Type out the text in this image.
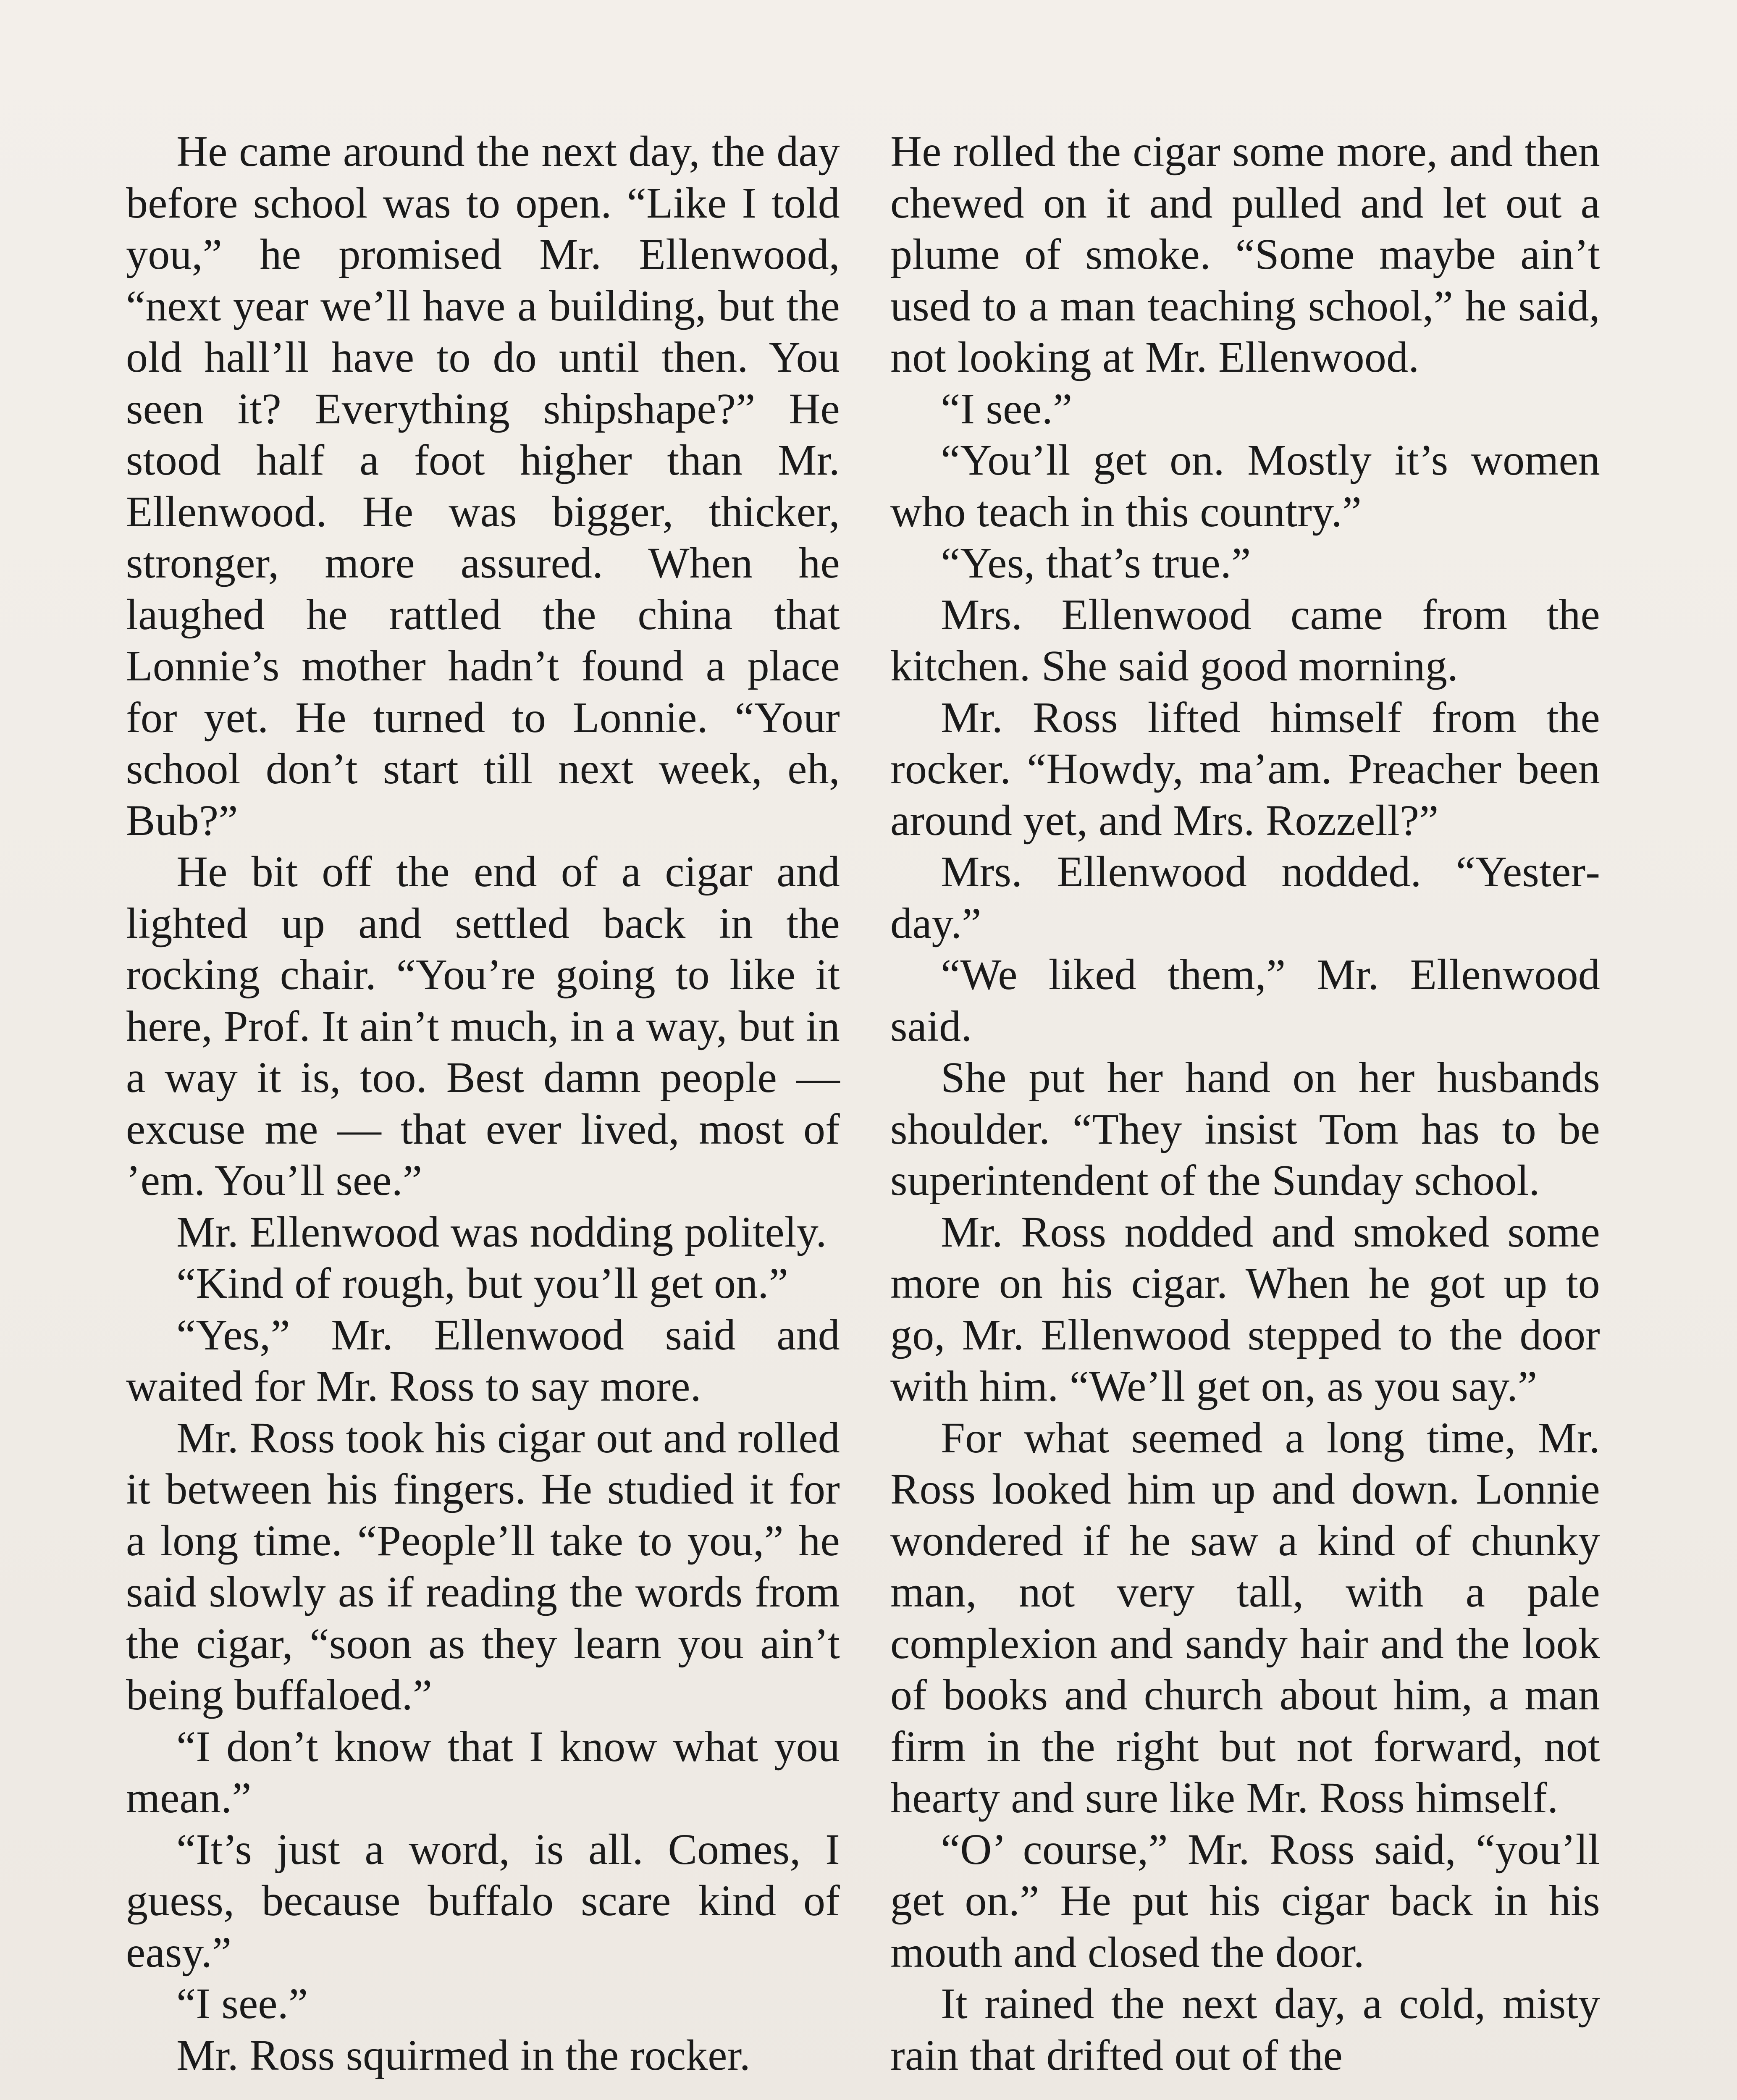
He came around the next day, the day before school was to open. “Like I told you,” he promised Mr. Ellenwood, “next year we’ll have a building, but the old hall’ll have to do until then. You seen it? Everything shipshape?” He stood half a foot higher than Mr. Ellenwood. He was bigger, thicker, stronger, more assured. When he laughed he rattled the china that Lonnie’s mother hadn’t found a place for yet. He turned to Lonnie. “Your school don’t start till next week, eh, Bub?”

He bit off the end of a cigar and lighted up and settled back in the rocking chair. “You’re going to like it here, Prof. It ain’t much, in a way, but in a way it is, too. Best damn people — excuse me — that ever lived, most of ’em. You’ll see.”

Mr. Ellenwood was nodding politely.

“Kind of rough, but you’ll get on.”

“Yes,” Mr. Ellenwood said and waited for Mr. Ross to say more.

Mr. Ross took his cigar out and rolled it between his fingers. He studied it for a long time. “People’ll take to you,” he said slowly as if reading the words from the cigar, “soon as they learn you ain’t being buffaloed.”

“I don’t know that I know what you mean.”

“It’s just a word, is all. Comes, I guess, because buffalo scare kind of easy.”

“I see.”

Mr. Ross squirmed in the rocker.

He rolled the cigar some more, and then chewed on it and pulled and let out a plume of smoke. “Some maybe ain’t used to a man teaching school,” he said, not looking at Mr. Ellenwood.

“I see.”

“You’ll get on. Mostly it’s women who teach in this country.”

“Yes, that’s true.”

Mrs. Ellenwood came from the kitchen. She said good morning.

Mr. Ross lifted himself from the rocker. “Howdy, ma’am. Preacher been around yet, and Mrs. Rozzell?”

Mrs. Ellenwood nodded. “Yesterday.”

“We liked them,” Mr. Ellenwood said.

She put her hand on her husbands shoulder. “They insist Tom has to be superintendent of the Sunday school.

Mr. Ross nodded and smoked some more on his cigar. When he got up to go, Mr. Ellenwood stepped to the door with him. “We’ll get on, as you say.”

For what seemed a long time, Mr. Ross looked him up and down. Lonnie wondered if he saw a kind of chunky man, not very tall, with a pale complexion and sandy hair and the look of books and church about him, a man firm in the right but not forward, not hearty and sure like Mr. Ross himself.

“O’ course,” Mr. Ross said, “you’ll get on.” He put his cigar back in his mouth and closed the door.

It rained the next day, a cold, misty rain that drifted out of the
